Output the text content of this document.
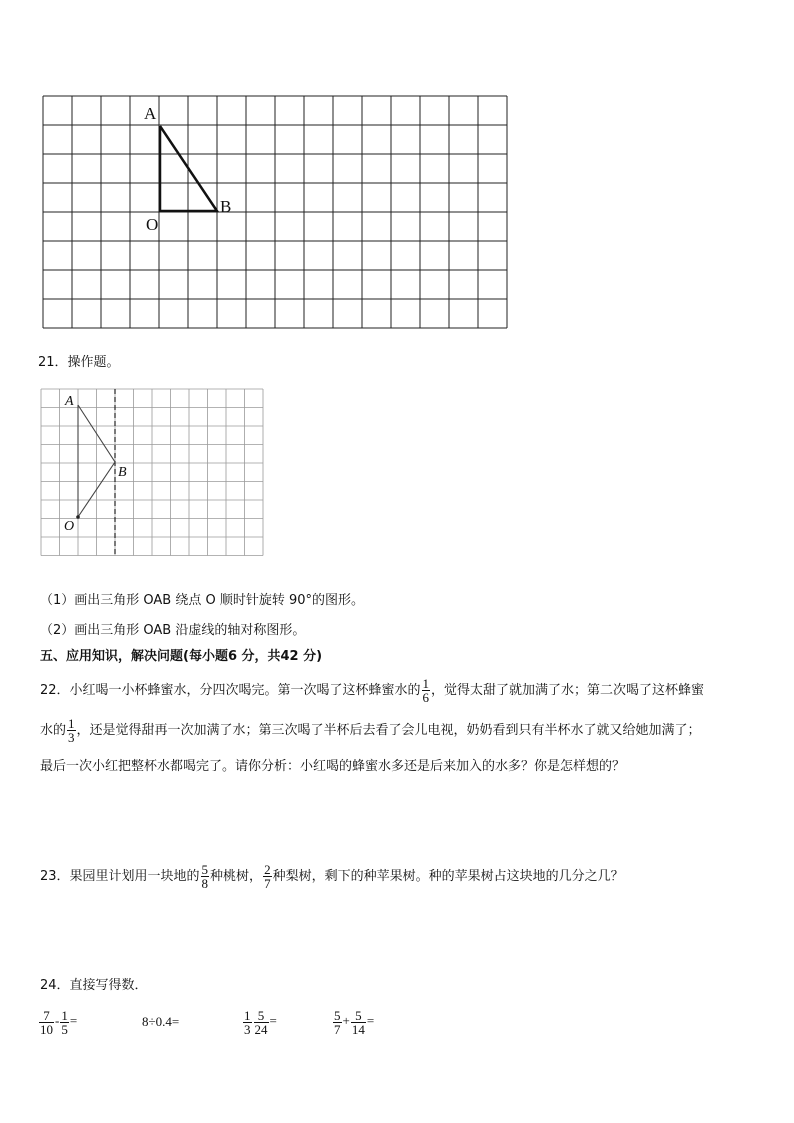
A
B
O
21．操作题。
A
B
O
（1）画出三角形 OAB 绕点 O 顺时针旋转 90°的图形。
（2）画出三角形 OAB 沿虚线的轴对称图形。
五、应用知识，解决问题(每小题6 分，共42 分)
22．小红喝一小杯蜂蜜水，分四次喝完。第一次喝了这杯蜂蜜水的 $\frac{1}{6}$ ，觉得太甜了就加满了水；第二次喝了这杯蜂蜜
水的 $\frac{1}{3}$ ，还是觉得甜再一次加满了水；第三次喝了半杯后去看了会儿电视，奶奶看到只有半杯水了就又给她加满了；
最后一次小红把整杯水都喝完了。请你分析：小红喝的蜂蜜水多还是后来加入的水多？你是怎样想的？
23．果园里计划用一块地的 $\frac{5}{8}$ 种桃树， $\frac{2}{7}$ 种梨树，剩下的种苹果树。种的苹果树占这块地的几分之几？
24．直接写得数．
$\frac{7}{10} - \frac{1}{5}$ =	8÷0.4=	$\frac{1}{3} \frac{5}{24}$ =	$\frac{5}{7} + \frac{5}{14}$ =
